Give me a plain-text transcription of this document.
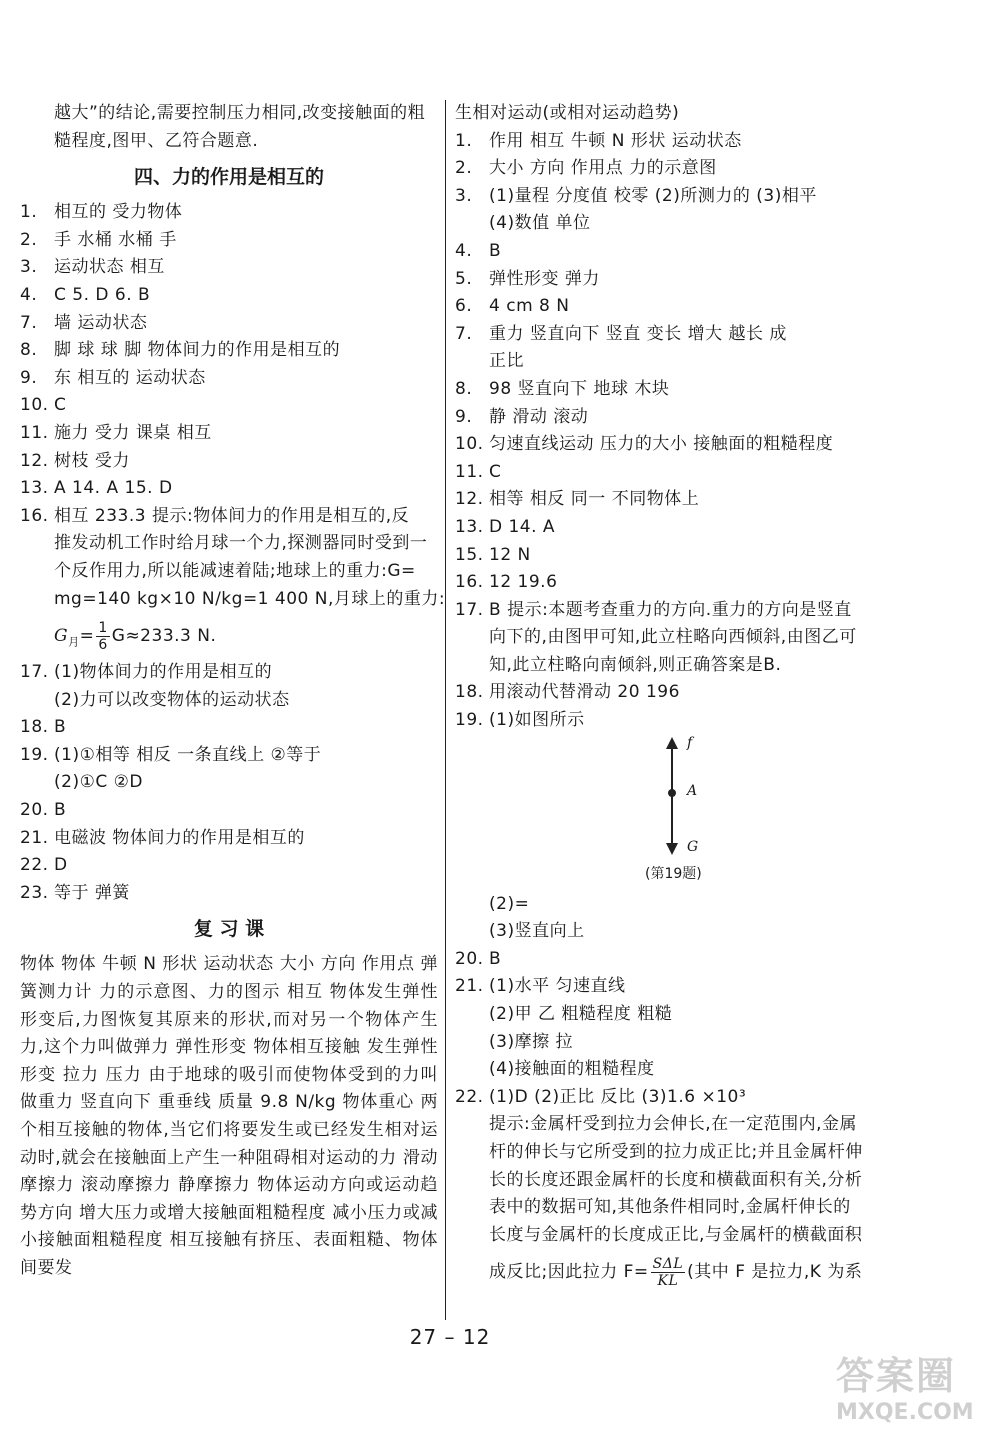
越大”的结论,需要控制压力相同,改变接触面的粗
糙程度,图甲、乙符合题意.
四、力的作用是相互的
1. 相互的 受力物体
2. 手 水桶 水桶 手
3. 运动状态 相互
4. C 5. D 6. B
7. 墙 运动状态
8. 脚 球 球 脚 物体间力的作用是相互的
9. 东 相互的 运动状态
10. C
11. 施力 受力 课桌 相互
12. 树枝 受力
13. A 14. A 15. D
16. 相互 233.3 提示:物体间力的作用是相互的,反
推发动机工作时给月球一个力,探测器同时受到一
个反作用力,所以能减速着陆;地球上的重力:G=
mg=140 kg×10 N/kg=1 400 N,月球上的重力:
$G_月= \frac{1}{6} G\approx 233.3$ N.
17. (1)物体间力的作用是相互的
(2)力可以改变物体的运动状态
18. B
19. (1)①相等 相反 一条直线上 ②等于
(2)①C ②D
20. B
21. 电磁波 物体间力的作用是相互的
22. D
23. 等于 弹簧
复 习 课
物体 物体 牛顿 N 形状 运动状态 大小 方向 作用点 弹簧测力计 力的示意图、力的图示 相互 物体发生弹性形变后,力图恢复其原来的形状,而对另一个物体产生力,这个力叫做弹力 弹性形变 物体相互接触 发生弹性形变 拉力 压力 由于地球的吸引而使物体受到的力叫做重力 竖直向下 重垂线 质量 9.8 N/kg 物体重心 两个相互接触的物体,当它们将要发生或已经发生相对运动时,就会在接触面上产生一种阻碍相对运动的力 滑动摩擦力 滚动摩擦力 静摩擦力 物体运动方向或运动趋势方向 增大压力或增大接触面粗糙程度 减小压力或减小接触面粗糙程度 相互接触有挤压、表面粗糙、物体间要发
生相对运动(或相对运动趋势)
1. 作用 相互 牛顿 N 形状 运动状态
2. 大小 方向 作用点 力的示意图
3. (1)量程 分度值 校零 (2)所测力的 (3)相平
(4)数值 单位
4. B
5. 弹性形变 弹力
6. 4 cm 8 N
7. 重力 竖直向下 竖直 变长 增大 越长 成
正比
8. 98 竖直向下 地球 木块
9. 静 滑动 滚动
10. 匀速直线运动 压力的大小 接触面的粗糙程度
11. C
12. 相等 相反 同一 不同物体上
13. D 14. A
15. 12 N
16. 12 19.6
17. B 提示:本题考查重力的方向.重力的方向是竖直
向下的,由图甲可知,此立柱略向西倾斜,由图乙可
知,此立柱略向南倾斜,则正确答案是B.
18. 用滚动代替滑动 20 196
19. (1)如图所示
f
A
G
(第19题)
(2)=
(3)竖直向上
20. B
21. (1)水平 匀速直线
(2)甲 乙 粗糙程度 粗糙
(3)摩擦 拉
(4)接触面的粗糙程度
22. (1)D (2)正比 反比 (3)1.6 ×10³
提示:金属杆受到拉力会伸长,在一定范围内,金属
杆的伸长与它所受到的拉力成正比;并且金属杆伸
长的长度还跟金属杆的长度和横截面积有关,分析
表中的数据可知,其他条件相同时,金属杆伸长的
长度与金属杆的长度成正比,与金属杆的横截面积
成反比;因此拉力 $F= \frac{\text{SΔL}}{KL}$ (其中 F 是拉力,K 为系
27 – 12
答案圈
MXQE.COM
